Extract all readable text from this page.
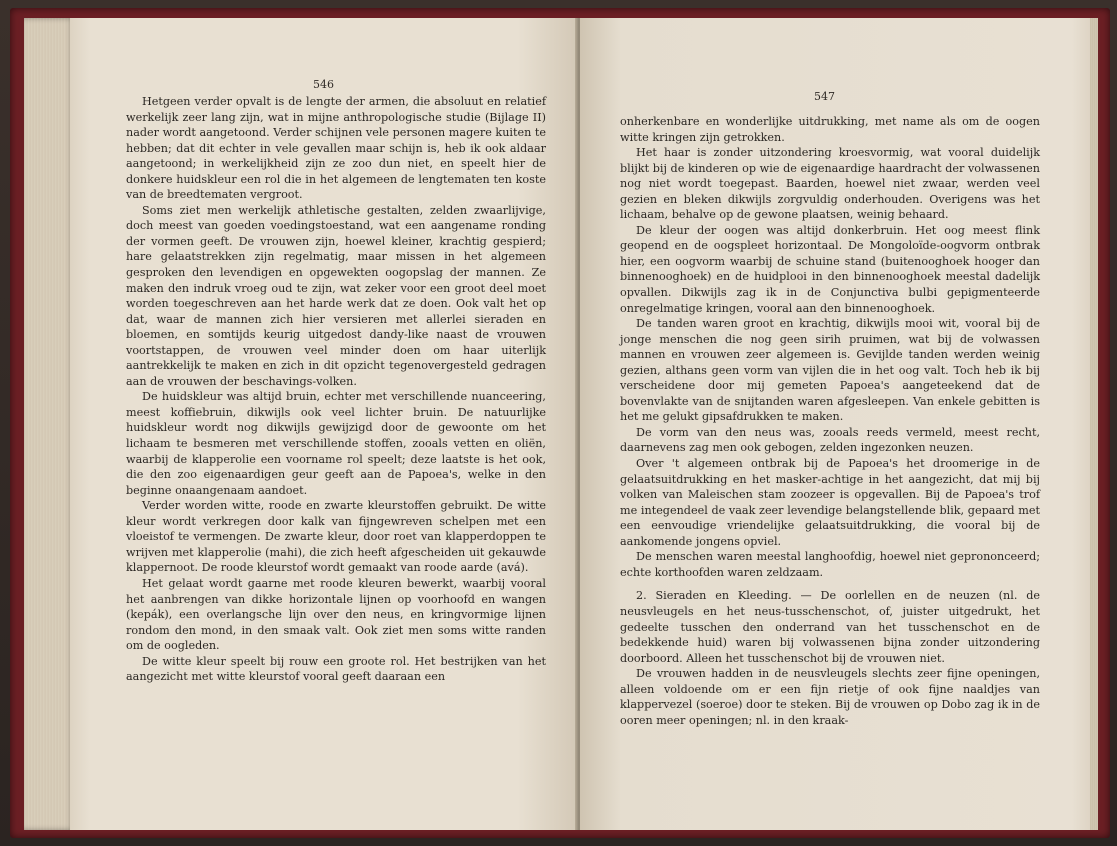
546

Hetgeen verder opvalt is de lengte der armen, die absoluut en relatief werkelijk zeer lang zijn, wat in mijne anthropologische studie (Bijlage II) nader wordt aangetoond. Verder schijnen vele personen magere kuiten te hebben; dat dit echter in vele gevallen maar schijn is, heb ik ook aldaar aangetoond; in werkelijkheid zijn ze zoo dun niet, en speelt hier de donkere huidskleur een rol die in het algemeen de lengtematen ten koste van de breedtematen vergroot.

Soms ziet men werkelijk athletische gestalten, zelden zwaarlijvige, doch meest van goeden voedingstoestand, wat een aangename ronding der vormen geeft. De vrouwen zijn, hoewel kleiner, krachtig gespierd; hare gelaatstrekken zijn regelmatig, maar missen in het algemeen gesproken den levendigen en opgewekten oogopslag der mannen. Ze maken den indruk vroeg oud te zijn, wat zeker voor een groot deel moet worden toegeschreven aan het harde werk dat ze doen. Ook valt het op dat, waar de mannen zich hier versieren met allerlei sieraden en bloemen, en somtijds keurig uitgedost dandy-like naast de vrouwen voortstappen, de vrouwen veel minder doen om haar uiterlijk aantrekkelijk te maken en zich in dit opzicht tegenovergesteld gedragen aan de vrouwen der beschavings-volken.

De huidskleur was altijd bruin, echter met verschillende nuanceering, meest koffiebruin, dikwijls ook veel lichter bruin. De natuurlijke huidskleur wordt nog dikwijls gewijzigd door de gewoonte om het lichaam te besmeren met verschillende stoffen, zooals vetten en oliën, waarbij de klapperolie een voorname rol speelt; deze laatste is het ook, die den zoo eigenaardigen geur geeft aan de Papoea's, welke in den beginne onaangenaam aandoet.

Verder worden witte, roode en zwarte kleurstoffen gebruikt. De witte kleur wordt verkregen door kalk van fijngewreven schelpen met een vloeistof te vermengen. De zwarte kleur, door roet van klapperdoppen te wrijven met klapperolie (mahi), die zich heeft afgescheiden uit gekauwde klappernoot. De roode kleurstof wordt gemaakt van roode aarde (avá).

Het gelaat wordt gaarne met roode kleuren bewerkt, waarbij vooral het aanbrengen van dikke horizontale lijnen op voorhoofd en wangen (kepák), een overlangsche lijn over den neus, en kringvormige lijnen rondom den mond, in den smaak valt. Ook ziet men soms witte randen om de oogleden.

De witte kleur speelt bij rouw een groote rol. Het bestrijken van het aangezicht met witte kleurstof vooral geeft daaraan een

547

onherkenbare en wonderlijke uitdrukking, met name als om de oogen witte kringen zijn getrokken.

Het haar is zonder uitzondering kroesvormig, wat vooral duidelijk blijkt bij de kinderen op wie de eigenaardige haardracht der volwassenen nog niet wordt toegepast. Baarden, hoewel niet zwaar, werden veel gezien en bleken dikwijls zorgvuldig onderhouden. Overigens was het lichaam, behalve op de gewone plaatsen, weinig behaard.

De kleur der oogen was altijd donkerbruin. Het oog meest flink geopend en de oogspleet horizontaal. De Mongoloïde-oogvorm ontbrak hier, een oogvorm waarbij de schuine stand (buitenooghoek hooger dan binnenooghoek) en de huidplooi in den binnenooghoek meestal dadelijk opvallen. Dikwijls zag ik in de Conjunctiva bulbi gepigmenteerde onregelmatige kringen, vooral aan den binnenooghoek.

De tanden waren groot en krachtig, dikwijls mooi wit, vooral bij de jonge menschen die nog geen sirih pruimen, wat bij de volwassen mannen en vrouwen zeer algemeen is. Gevijlde tanden werden weinig gezien, althans geen vorm van vijlen die in het oog valt. Toch heb ik bij verscheidene door mij gemeten Papoea's aangeteekend dat de bovenvlakte van de snijtanden waren afgesleepen. Van enkele gebitten is het me gelukt gipsafdrukken te maken.

De vorm van den neus was, zooals reeds vermeld, meest recht, daarnevens zag men ook gebogen, zelden ingezonken neuzen.

Over 't algemeen ontbrak bij de Papoea's het droomerige in de gelaatsuitdrukking en het masker-achtige in het aangezicht, dat mij bij volken van Maleischen stam zoozeer is opgevallen. Bij de Papoea's trof me integendeel de vaak zeer levendige belangstellende blik, gepaard met een eenvoudige vriendelijke gelaatsuitdrukking, die vooral bij de aankomende jongens opviel.

De menschen waren meestal langhoofdig, hoewel niet geprononceerd; echte korthoofden waren zeldzaam.

2. Sieraden en Kleeding. — De oorlellen en de neuzen (nl. de neusvleugels en het neus-tusschenschot, of, juister uitgedrukt, het gedeelte tusschen den onderrand van het tusschenschot en de bedekkende huid) waren bij volwassenen bijna zonder uitzondering doorboord. Alleen het tusschenschot bij de vrouwen niet.

De vrouwen hadden in de neusvleugels slechts zeer fijne openingen, alleen voldoende om er een fijn rietje of ook fijne naaldjes van klappervezel (soeroe) door te steken. Bij de vrouwen op Dobo zag ik in de ooren meer openingen; nl. in den kraak-
